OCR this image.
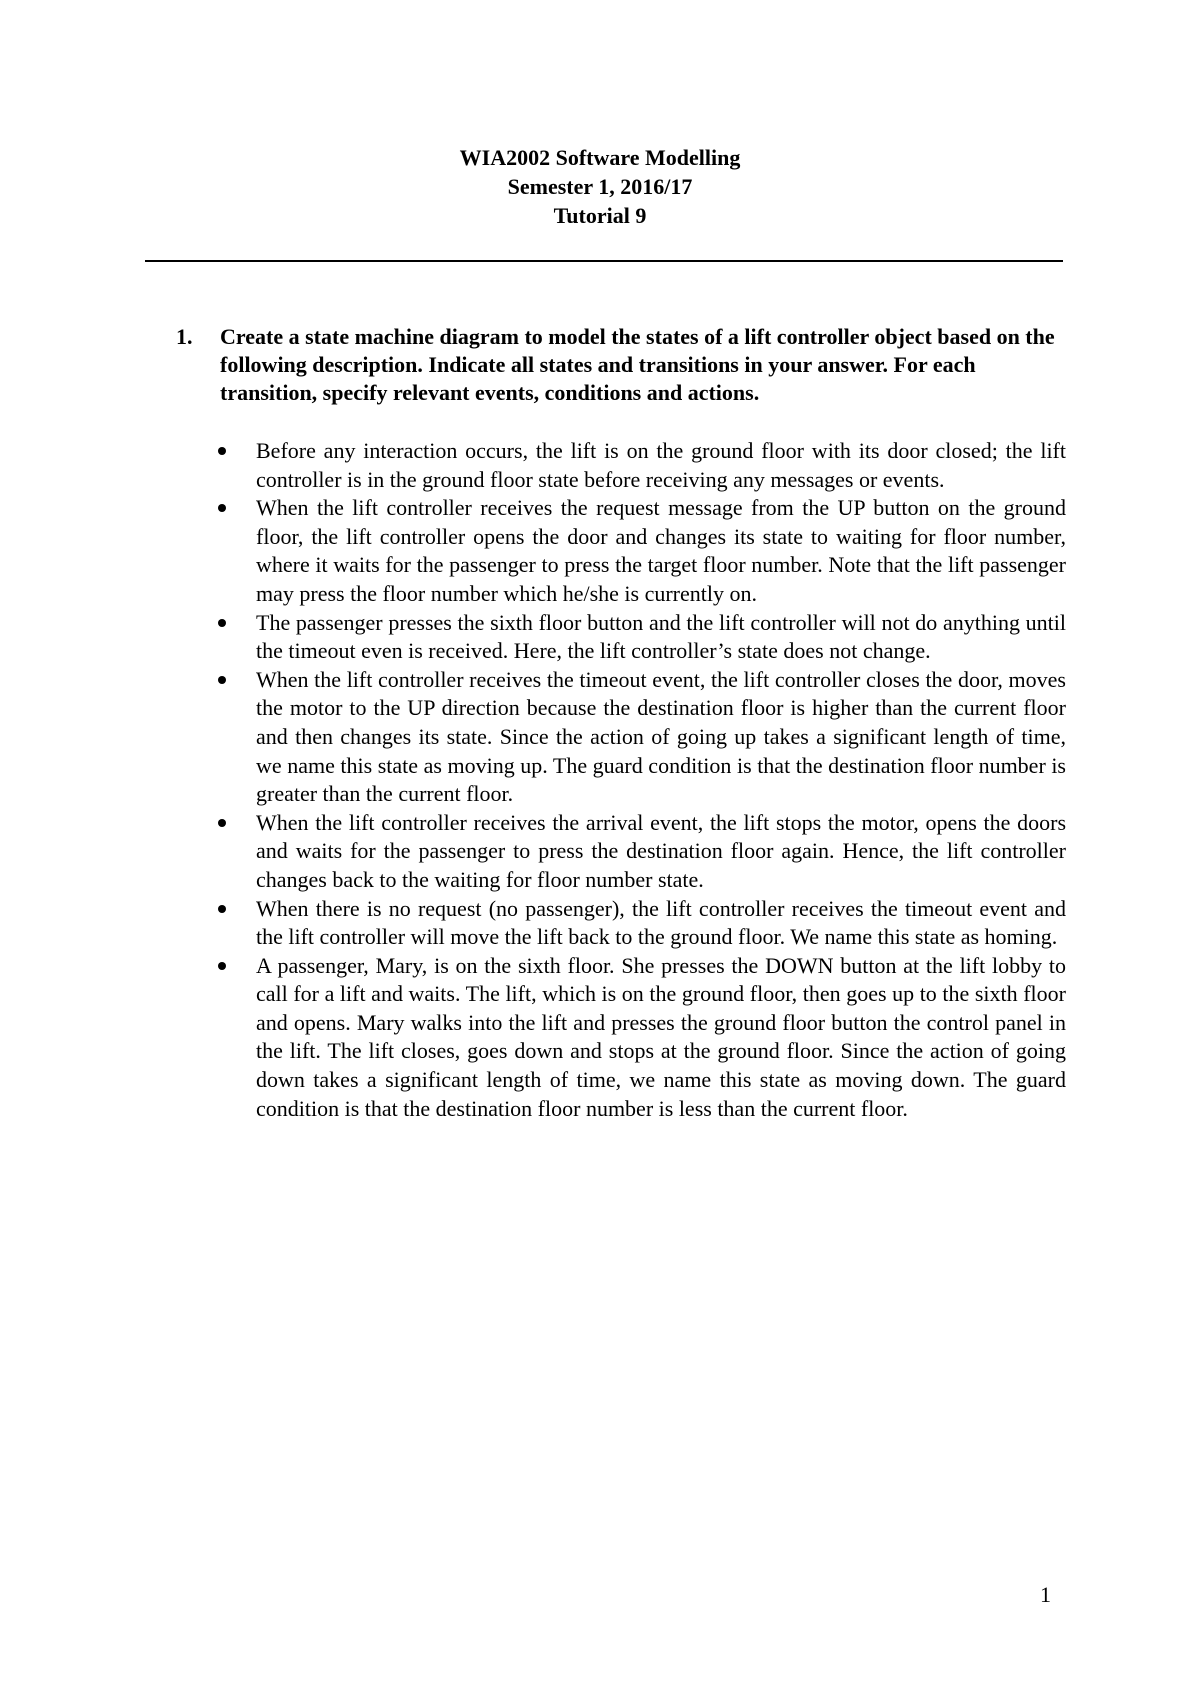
WIA2002 Software Modelling
Semester 1, 2016/17
Tutorial 9
1. Create a state machine diagram to model the states of a lift controller object based on the following description. Indicate all states and transitions in your answer. For each transition, specify relevant events, conditions and actions.
Before any interaction occurs, the lift is on the ground floor with its door closed; the lift controller is in the ground floor state before receiving any messages or events.
When the lift controller receives the request message from the UP button on the ground floor, the lift controller opens the door and changes its state to waiting for floor number, where it waits for the passenger to press the target floor number. Note that the lift passenger may press the floor number which he/she is currently on.
The passenger presses the sixth floor button and the lift controller will not do anything until the timeout even is received. Here, the lift controller’s state does not change.
When the lift controller receives the timeout event, the lift controller closes the door, moves the motor to the UP direction because the destination floor is higher than the current floor and then changes its state. Since the action of going up takes a significant length of time, we name this state as moving up. The guard condition is that the destination floor number is greater than the current floor.
When the lift controller receives the arrival event, the lift stops the motor, opens the doors and waits for the passenger to press the destination floor again. Hence, the lift controller changes back to the waiting for floor number state.
When there is no request (no passenger), the lift controller receives the timeout event and the lift controller will move the lift back to the ground floor. We name this state as homing.
A passenger, Mary, is on the sixth floor. She presses the DOWN button at the lift lobby to call for a lift and waits. The lift, which is on the ground floor, then goes up to the sixth floor and opens. Mary walks into the lift and presses the ground floor button the control panel in the lift. The lift closes, goes down and stops at the ground floor. Since the action of going down takes a significant length of time, we name this state as moving down. The guard condition is that the destination floor number is less than the current floor.
1
